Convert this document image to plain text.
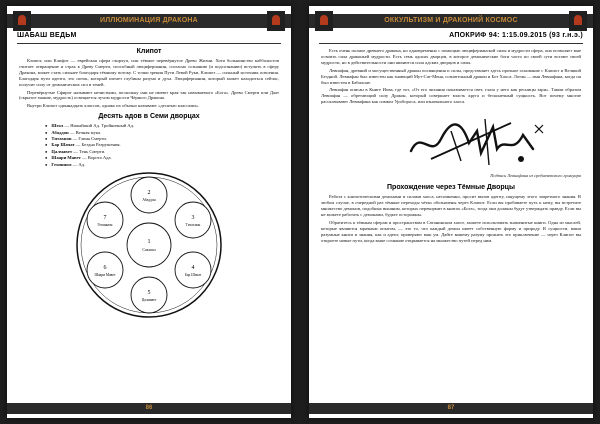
ИЛЛЮМИНАЦИЯ ДРАКОНА
ШАБАШ ВЕДЬМ
Клипот

Клипот, или Клифот — еврейская сфера скорлуп, или тёмное перевёрнутое Древо Жизни. Хотя большинство каббалистов считает отвращение и страх к Древу Смерти, способный люциферианин, согласно сознанию (и подсознанию) вступить в сферу Дракона, может стать сильнее благодаря тёмному потоку. С точки зрения Пути Левой Руки, Клипот — сильный источник освоения. Благодаря пути адепта, это поток, который питает глубины разума и духа. Люциферианин, который может находиться сейчас, получит силу от демонических сил и теней.

Перевёрнутые Сфирот называют нечистыми, поскольку они не имеют края так называемого «Бога». Древо Смерти или Даат (скрытое знание, мудрость) освещается лучом мудрости Чёрного Дракона.

Внутри Клипот одиннадцать классов, однако их обычно называют «десятью классами».

Десять адов в Семи дворцах
● Шеол — Нижайший Ад. Тройничный Ад.
● Абаддон — Вечная мука.
● Титахион — Глина Смерти.
● Бар Шачат — Бездна Разрушения.
● Цалмавет — Тень Смерти.
● Шаари Мавет — Ворота Ада.
● Гехинном — Ад.
1
Сакшал
2
Абаддон
3
Титахион
4
Бар Шачат
5
Цалмавет
6
Шаари Мавет
7
Гехинном
86
ОККУЛЬТИЗМ И ДРАКОНИЙ КОСМОС
АПОКРИФ 94: 1:15.09.2015 (93 г.н.э.)

Есть очень полное древнего дракона, но одновременно с помощью люциферианской силы и мудрости сфера, она позволяет мне освоить сила драконьей мудрости. Есть семь адских дворцов, в которое демонические боги часто по своей сути встают своей мудрости, но в действительности они являются сила адских дворцов и силы.

Левиафан, древний и могущественный дракон посвящения и силы, представляет здесь прочное основание с Клипот и Великой Бездной. Левиафан был известен как знающий Мут-Сат-Меня, сознательный дракон и Бот Хаоса. Лотан — имя Левиафана, когда он был известен в Бабилоне.

Левиафан описан в Книге Иова, где тот, «От его чихания показывается свет, глаза у него как ресницы зари». Таким образом Левиафан — обретающий силу Дракон, который совершает власть круга и бесконечный сущность. Вот почему многие рассказывают Левиафана как символ Уробороса, или изначального хаоса.

Подпись Левиафана из средневекового гримуара
Прохождение через Тёмные Дворцы

Работа с клипотическими демонами и силами хаоса, несомненно, просит вызов адепту, ищущему этого запретного знания. В любом случае, в очередной раз тёмные переходы чётко обозначены через Клипот. Если вы пробиваете путь к нему, вы встретите множество демонов, подобных вышним, которых перекормит в книгах «Бога», тогда они должны будут утверждать правду. Если вы не можете работать с демонами, будьте осторожны.

Обратитесь к тёмным сферам и пространствам в Сатанинском хаосе, можете использовать знаменитые книги. Одна из мыслей, которые являются мрачным опытом, — это то, что каждый демон имеет собственную форму и природу. В сущности, ваши разумные книги и знания, как и адепт, проверяют ваш ум. Дайте вашему разуму прожить это приключение — через Клипот вы откроете новые пути, когда ваше сознание открывается на множество путей перед ним.

87
